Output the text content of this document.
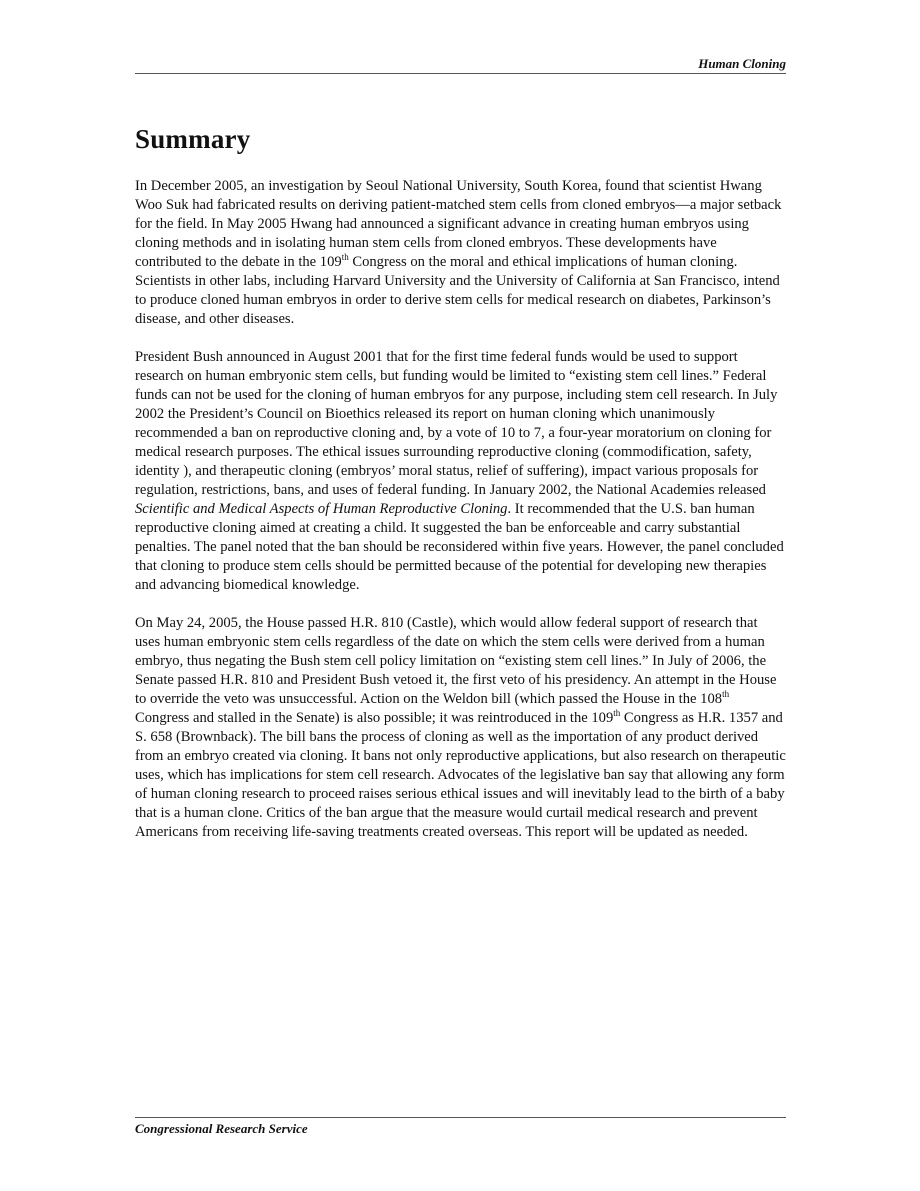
Human Cloning
Summary

In December 2005, an investigation by Seoul National University, South Korea, found that scientist Hwang Woo Suk had fabricated results on deriving patient-matched stem cells from cloned embryos—a major setback for the field. In May 2005 Hwang had announced a significant advance in creating human embryos using cloning methods and in isolating human stem cells from cloned embryos. These developments have contributed to the debate in the 109th Congress on the moral and ethical implications of human cloning. Scientists in other labs, including Harvard University and the University of California at San Francisco, intend to produce cloned human embryos in order to derive stem cells for medical research on diabetes, Parkinson’s disease, and other diseases.

President Bush announced in August 2001 that for the first time federal funds would be used to support research on human embryonic stem cells, but funding would be limited to “existing stem cell lines.” Federal funds can not be used for the cloning of human embryos for any purpose, including stem cell research. In July 2002 the President’s Council on Bioethics released its report on human cloning which unanimously recommended a ban on reproductive cloning and, by a vote of 10 to 7, a four-year moratorium on cloning for medical research purposes. The ethical issues surrounding reproductive cloning (commodification, safety, identity ), and therapeutic cloning (embryos’ moral status, relief of suffering), impact various proposals for regulation, restrictions, bans, and uses of federal funding. In January 2002, the National Academies released Scientific and Medical Aspects of Human Reproductive Cloning. It recommended that the U.S. ban human reproductive cloning aimed at creating a child. It suggested the ban be enforceable and carry substantial penalties. The panel noted that the ban should be reconsidered within five years. However, the panel concluded that cloning to produce stem cells should be permitted because of the potential for developing new therapies and advancing biomedical knowledge.

On May 24, 2005, the House passed H.R. 810 (Castle), which would allow federal support of research that uses human embryonic stem cells regardless of the date on which the stem cells were derived from a human embryo, thus negating the Bush stem cell policy limitation on “existing stem cell lines.” In July of 2006, the Senate passed H.R. 810 and President Bush vetoed it, the first veto of his presidency. An attempt in the House to override the veto was unsuccessful. Action on the Weldon bill (which passed the House in the 108th Congress and stalled in the Senate) is also possible; it was reintroduced in the 109th Congress as H.R. 1357 and S. 658 (Brownback). The bill bans the process of cloning as well as the importation of any product derived from an embryo created via cloning. It bans not only reproductive applications, but also research on therapeutic uses, which has implications for stem cell research. Advocates of the legislative ban say that allowing any form of human cloning research to proceed raises serious ethical issues and will inevitably lead to the birth of a baby that is a human clone. Critics of the ban argue that the measure would curtail medical research and prevent Americans from receiving life-saving treatments created overseas. This report will be updated as needed.

Congressional Research Service
